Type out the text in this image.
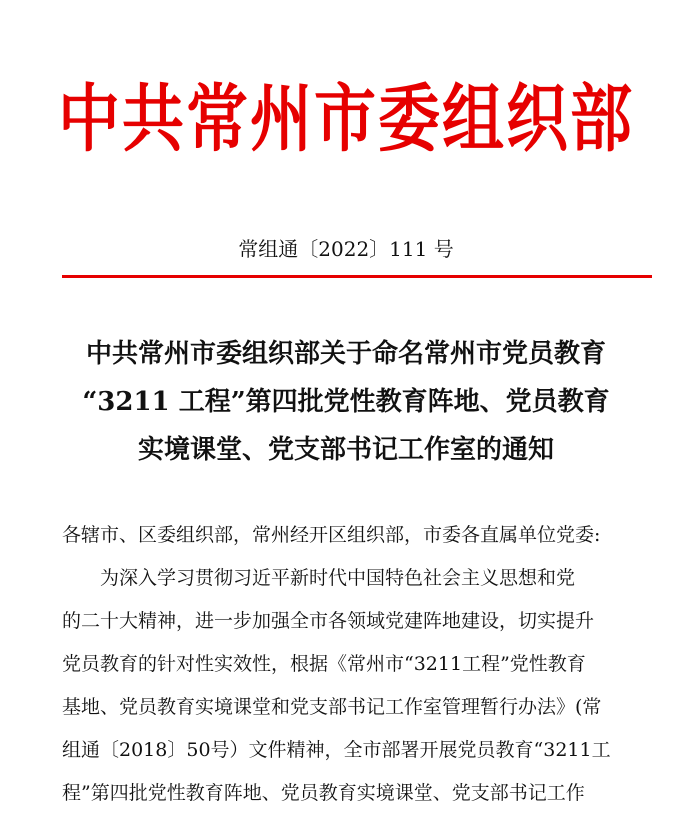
中共常州市委组织部
常组通〔2022〕111 号
中共常州市委组织部关于命名常州市党员教育
“3211 工程”第四批党性教育阵地、党员教育
实境课堂、党支部书记工作室的通知
各辖市、区委组织部，常州经开区组织部，市委各直属单位党委:
为深入学习贯彻习近平新时代中国特色社会主义思想和党
的二十大精神，进一步加强全市各领域党建阵地建设，切实提升
党员教育的针对性实效性，根据《常州市“3211工程”党性教育
基地、党员教育实境课堂和党支部书记工作室管理暂行办法》(常
组通〔2018〕50号）文件精神，全市部署开展党员教育“3211工
程”第四批党性教育阵地、党员教育实境课堂、党支部书记工作
